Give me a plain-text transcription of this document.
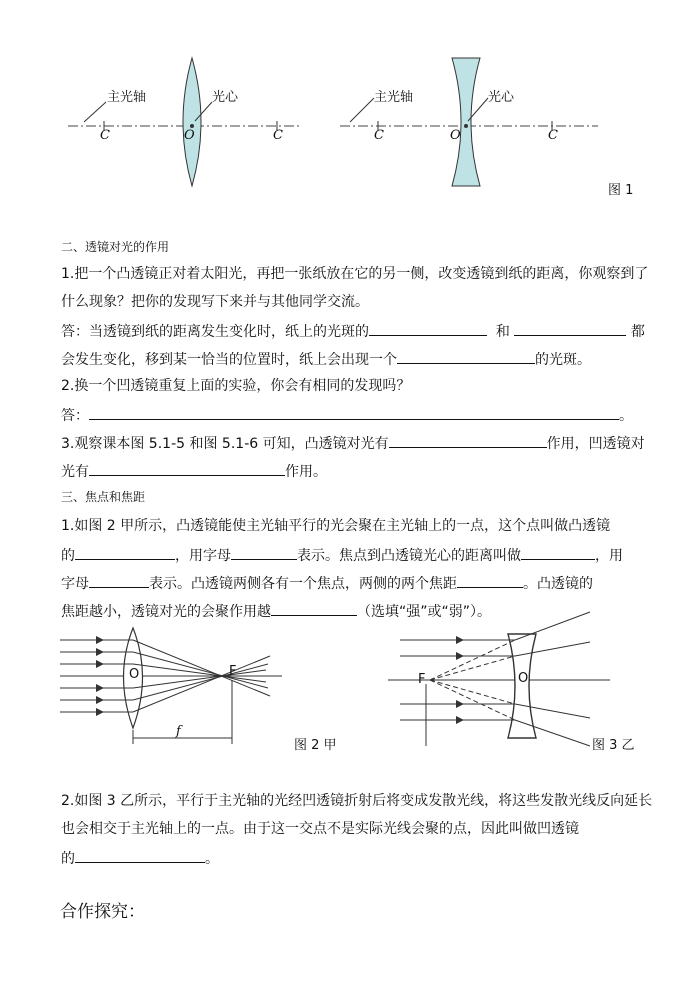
主光轴	光心
C	O	C
主光轴	光心
C	O	C
图 1
二、透镜对光的作用
1.把一个凸透镜正对着太阳光，再把一张纸放在它的另一侧，改变透镜到纸的距离，你观察到了
什么现象？把你的发现写下来并与其他同学交流。
答：当透镜到纸的距离发生变化时，纸上的光斑的	和	都
会发生变化，移到某一恰当的位置时，纸上会出现一个	的光斑。
2.换一个凹透镜重复上面的实验，你会有相同的发现吗？
答：	。
3.观察课本图 5.1-5 和图 5.1-6 可知，凸透镜对光有	作用，凹透镜对
光有	作用。
三、焦点和焦距
1.如图 2 甲所示，凸透镜能使主光轴平行的光会聚在主光轴上的一点，这个点叫做凸透镜
的	，用字母	表示。焦点到凸透镜光心的距离叫做	，用
字母	表示。凸透镜两侧各有一个焦点，两侧的两个焦距	。凸透镜的
焦距越小，透镜对光的会聚作用越	（选填“强”或“弱”）。
O	F
f
图 2 甲
O
F
图 3 乙
2.如图 3 乙所示，平行于主光轴的光经凹透镜折射后将变成发散光线，将这些发散光线反向延长
也会相交于主光轴上的一点。由于这一交点不是实际光线会聚的点，因此叫做凹透镜
的	。
合作探究：
